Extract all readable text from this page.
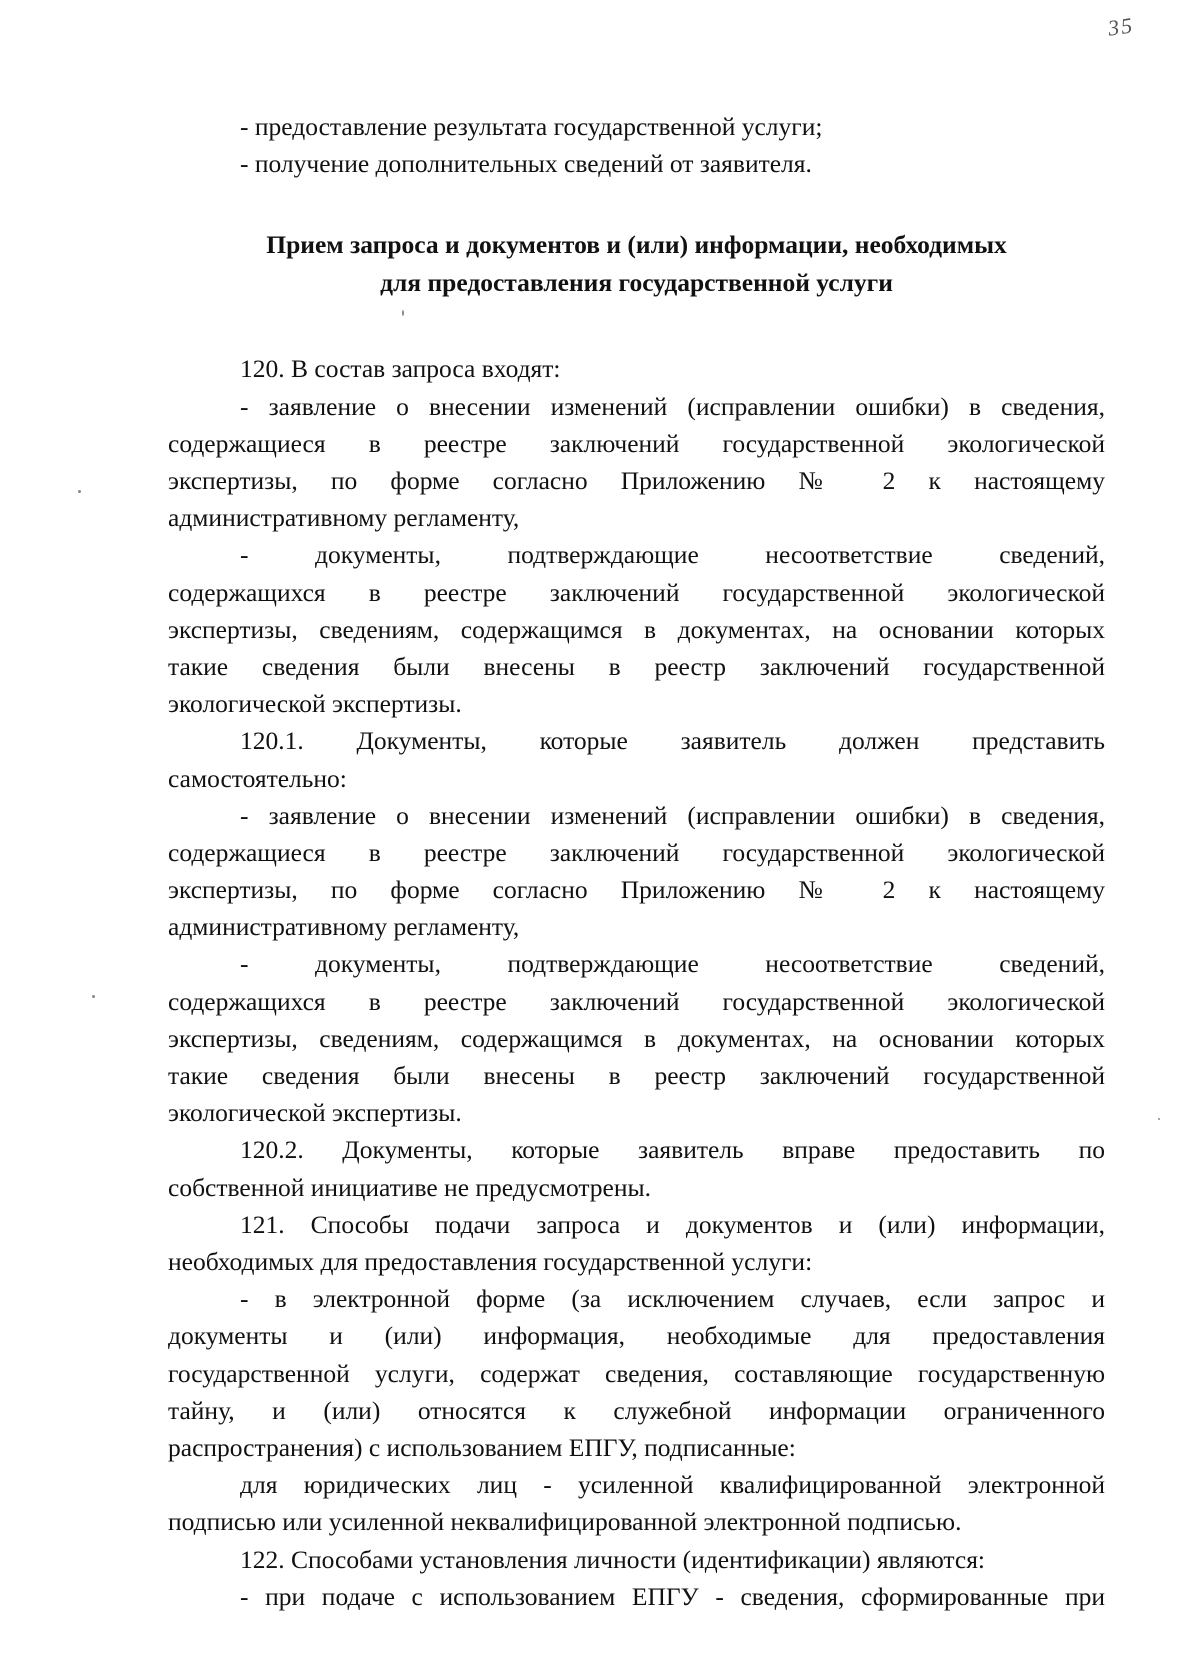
35
- предоставление результата государственной услуги;
- получение дополнительных сведений от заявителя.
Прием запроса и документов и (или) информации, необходимых
для предоставления государственной услуги
120. В состав запроса входят:
- заявление о внесении изменений (исправлении ошибки) в сведения,
содержащиеся в реестре заключений государственной экологической
экспертизы, по форме согласно Приложению № 2 к настоящему
административному регламенту,
- документы, подтверждающие несоответствие сведений,
содержащихся в реестре заключений государственной экологической
экспертизы, сведениям, содержащимся в документах, на основании которых
такие сведения были внесены в реестр заключений государственной
экологической экспертизы.
120.1. Документы, которые заявитель должен представить
самостоятельно:
- заявление о внесении изменений (исправлении ошибки) в сведения,
содержащиеся в реестре заключений государственной экологической
экспертизы, по форме согласно Приложению № 2 к настоящему
административному регламенту,
- документы, подтверждающие несоответствие сведений,
содержащихся в реестре заключений государственной экологической
экспертизы, сведениям, содержащимся в документах, на основании которых
такие сведения были внесены в реестр заключений государственной
экологической экспертизы.
120.2. Документы, которые заявитель вправе предоставить по
собственной инициативе не предусмотрены.
121. Способы подачи запроса и документов и (или) информации,
необходимых для предоставления государственной услуги:
- в электронной форме (за исключением случаев, если запрос и
документы и (или) информация, необходимые для предоставления
государственной услуги, содержат сведения, составляющие государственную
тайну, и (или) относятся к служебной информации ограниченного
распространения) с использованием ЕПГУ, подписанные:
для юридических лиц - усиленной квалифицированной электронной
подписью или усиленной неквалифицированной электронной подписью.
122. Способами установления личности (идентификации) являются:
- при подаче с использованием ЕПГУ - сведения, сформированные при
